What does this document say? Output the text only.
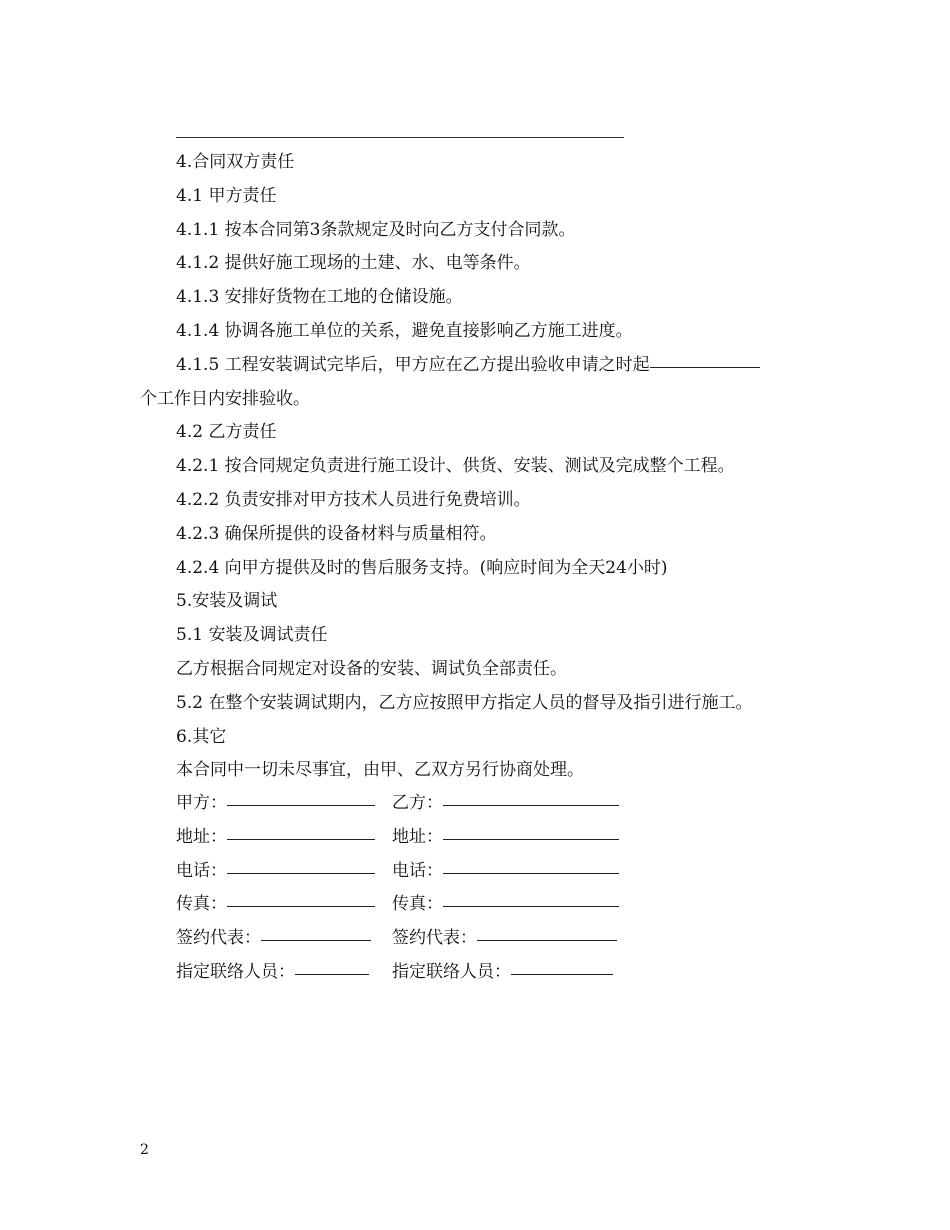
4.合同双方责任

4.1 甲方责任

4.1.1 按本合同第3条款规定及时向乙方支付合同款。

4.1.2 提供好施工现场的土建、水、电等条件。

4.1.3 安排好货物在工地的仓储设施。

4.1.4 协调各施工单位的关系，避免直接影响乙方施工进度。

4.1.5 工程安装调试完毕后，甲方应在乙方提出验收申请之时起

个工作日内安排验收。

4.2 乙方责任

4.2.1 按合同规定负责进行施工设计、供货、安装、测试及完成整个工程。

4.2.2 负责安排对甲方技术人员进行免费培训。

4.2.3 确保所提供的设备材料与质量相符。

4.2.4 向甲方提供及时的售后服务支持。(响应时间为全天24小时)

5.安装及调试

5.1 安装及调试责任

乙方根据合同规定对设备的安装、调试负全部责任。

5.2 在整个安装调试期内，乙方应按照甲方指定人员的督导及指引进行施工。

6.其它

本合同中一切未尽事宜，由甲、乙双方另行协商处理。

甲方：	乙方：
地址：	地址：
电话：	电话：
传真：	传真：
签约代表：	签约代表：
指定联络人员：	指定联络人员：
2
